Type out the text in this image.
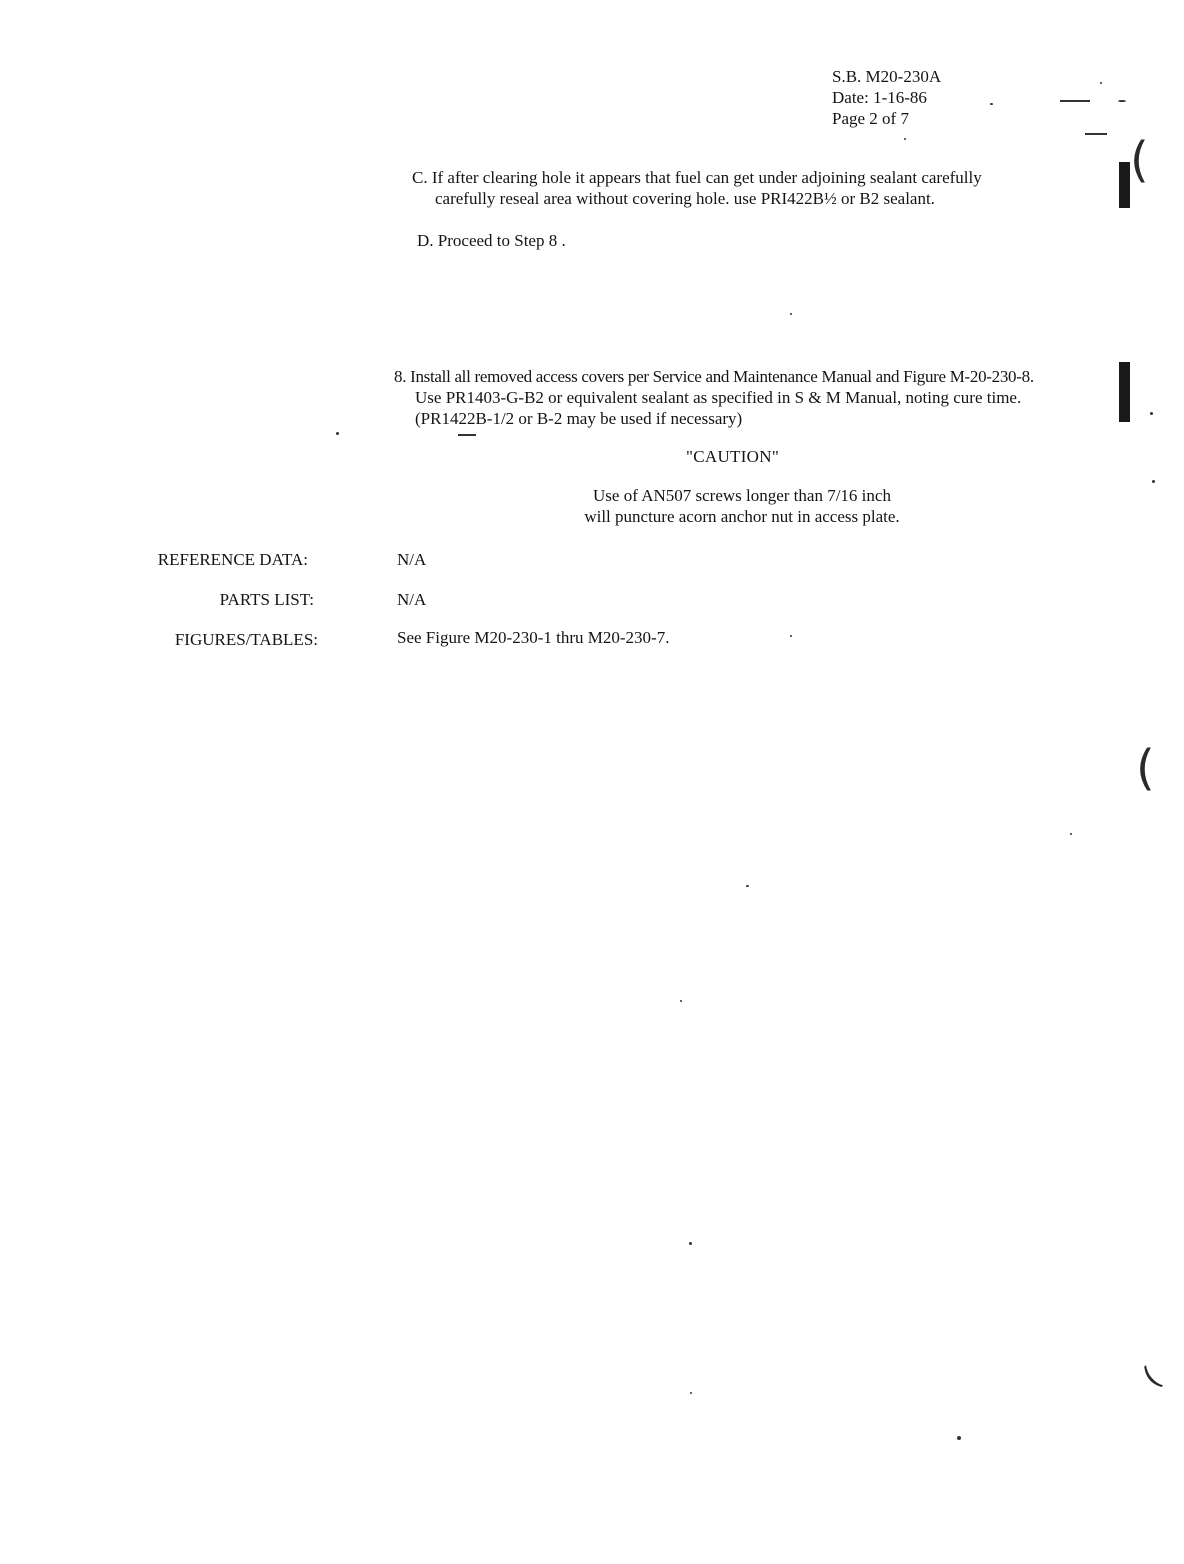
S.B. M20-230A
Date: 1-16-86
Page 2 of 7
C. If after clearing hole it appears that fuel can get under adjoining sealant carefully
carefully reseal area without covering hole. use PRI422B½ or B2 sealant.
D. Proceed to Step 8 .
8. Install all removed access covers per Service and Maintenance Manual and Figure M-20-230-8.
Use PR1403-G-B2 or equivalent sealant as specified in S & M Manual, noting cure time.
(PR1422B-1/2 or B-2 may be used if necessary)
"CAUTION"
Use of AN507 screws longer than 7/16 inch
will puncture acorn anchor nut in access plate.
REFERENCE DATA:	N/A
PARTS LIST:	N/A
FIGURES/TABLES:	See Figure M20-230-1 thru M20-230-7.
(
(
(
